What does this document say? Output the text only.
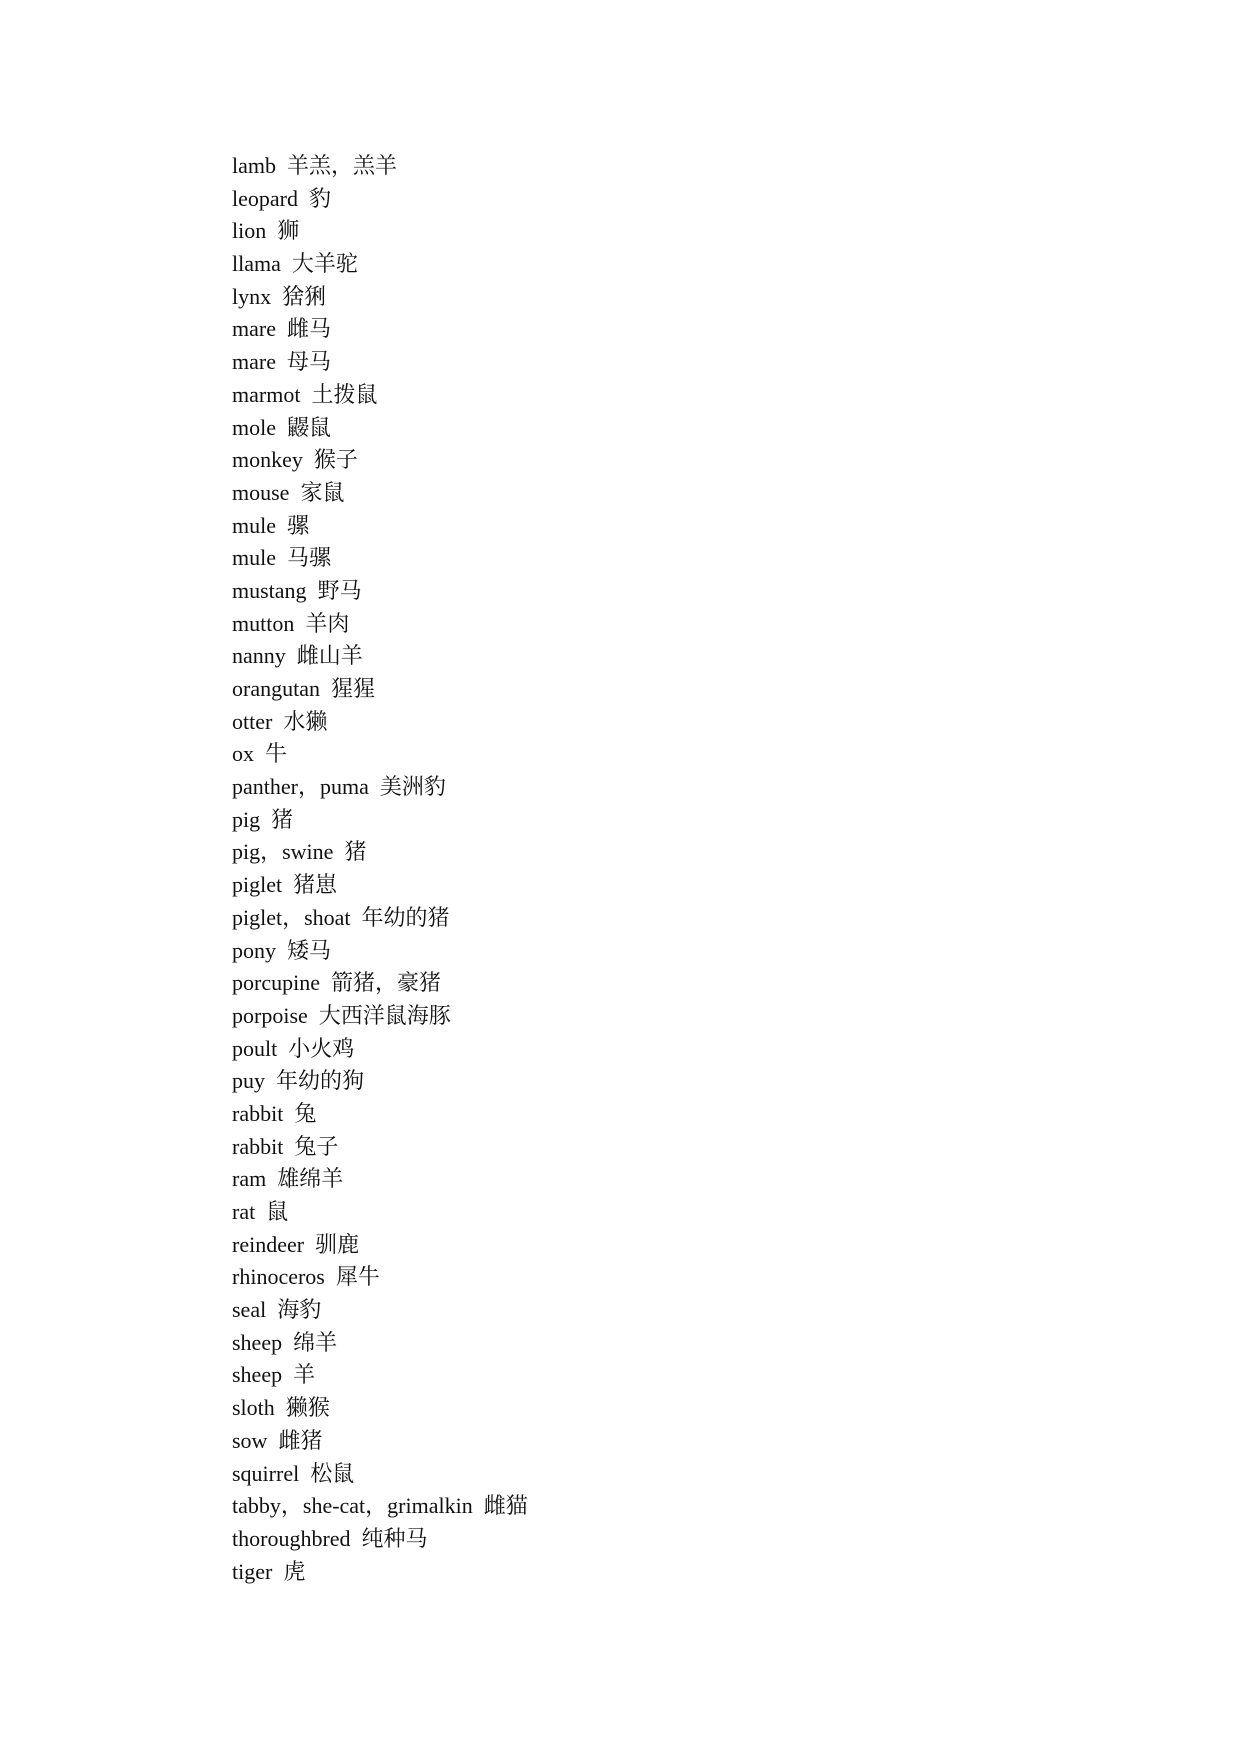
lamb 羊羔，羔羊
leopard 豹
lion 狮
llama 大羊驼
lynx 猞猁
mare 雌马
mare 母马
marmot 土拨鼠
mole 鼹鼠
monkey 猴子
mouse 家鼠
mule 骡
mule 马骡
mustang 野马
mutton 羊肉
nanny 雌山羊
orangutan 猩猩
otter 水獭
ox 牛
panther，puma 美洲豹
pig 猪
pig，swine 猪
piglet 猪崽
piglet，shoat 年幼的猪
pony 矮马
porcupine 箭猪，豪猪
porpoise 大西洋鼠海豚
poult 小火鸡
puy 年幼的狗
rabbit 兔
rabbit 兔子
ram 雄绵羊
rat 鼠
reindeer 驯鹿
rhinoceros 犀牛
seal 海豹
sheep 绵羊
sheep 羊
sloth 獭猴
sow 雌猪
squirrel 松鼠
tabby，she-cat，grimalkin 雌猫
thoroughbred 纯种马
tiger 虎
